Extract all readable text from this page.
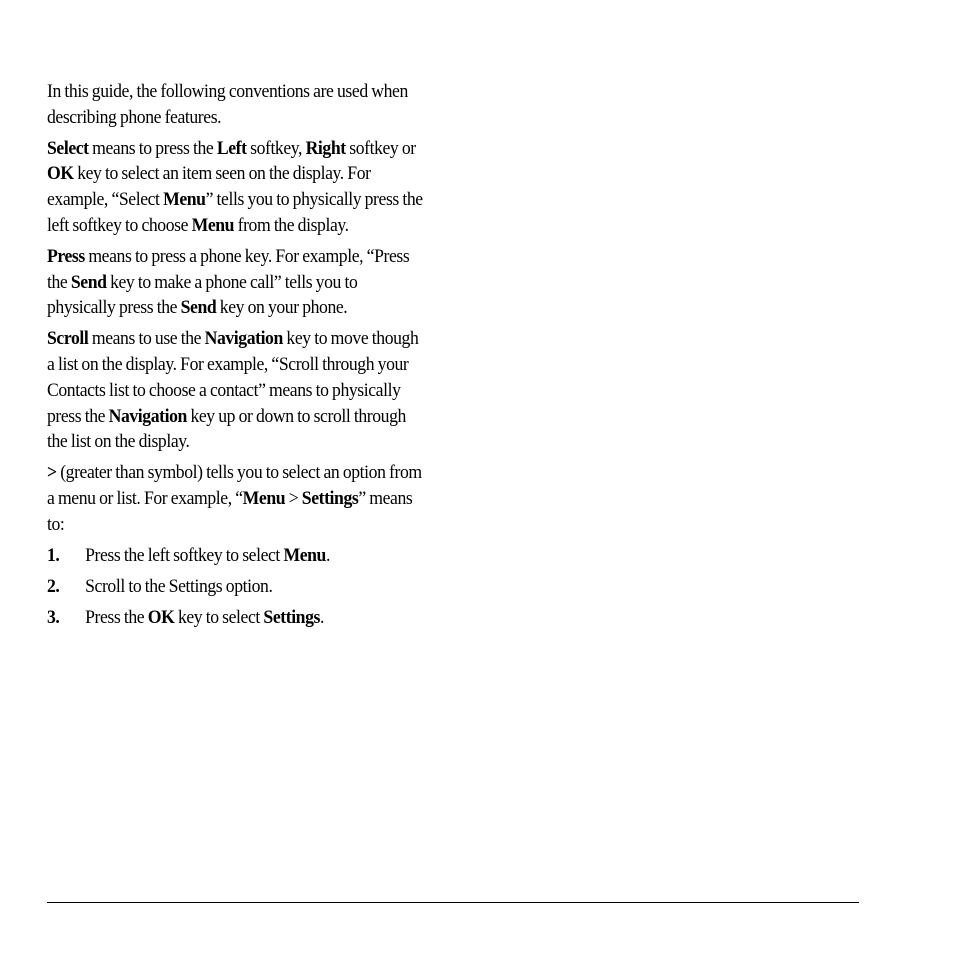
In this guide, the following conventions are used when describing phone features.

Select means to press the Left softkey, Right softkey or OK key to select an item seen on the display. For example, “Select Menu” tells you to physically press the left softkey to choose Menu from the display.

Press means to press a phone key. For example, “Press the Send key to make a phone call” tells you to physically press the Send key on your phone.

Scroll means to use the Navigation key to move though a list on the display. For example, “Scroll through your Contacts list to choose a contact” means to physically press the Navigation key up or down to scroll through the list on the display.

> (greater than symbol) tells you to select an option from a menu or list. For example, “Menu > Settings” means to:

1. Press the left softkey to select Menu.
2. Scroll to the Settings option.
3. Press the OK key to select Settings.
